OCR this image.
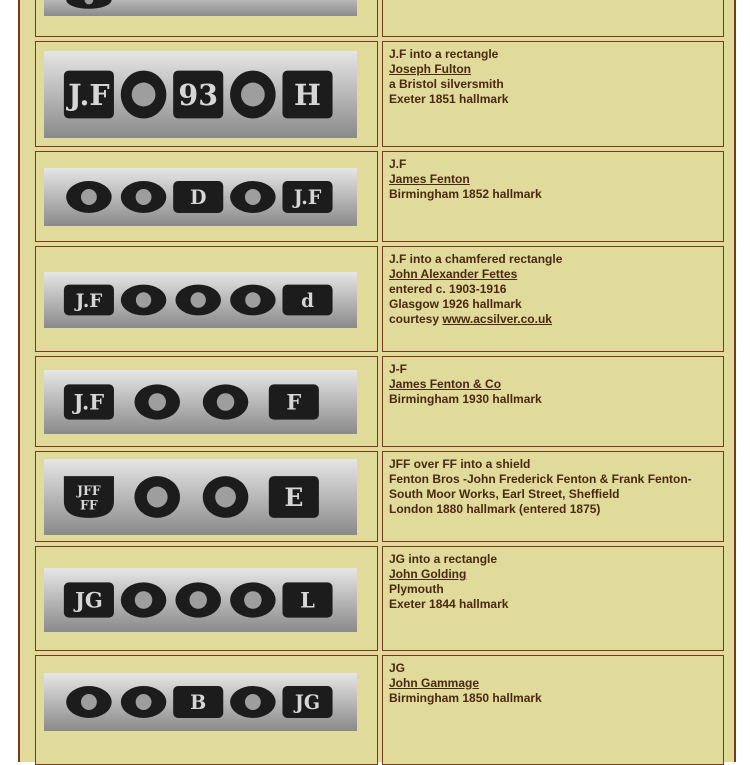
J.F 93	H
J.F into a rectangle
Joseph Fulton
a Bristol silversmith
Exeter 1851 hallmark
D	J.F
J.F
James Fenton
Birmingham 1852 hallmark
J.F	d
J.F into a chamfered rectangle
John Alexander Fettes
entered c. 1903-1916
Glasgow 1926 hallmark
courtesy www.acsilver.co.uk
J.F	F
J-F
James Fenton & Co
Birmingham 1930 hallmark
JFF
FF	E
JFF over FF into a shield
Fenton Bros -John Frederick Fenton & Frank Fenton-
South Moor Works, Earl Street, Sheffield
London 1880 hallmark (entered 1875)
JG	L
JG into a rectangle
John Golding
Plymouth
Exeter 1844 hallmark
B	JG
JG
John Gammage
Birmingham 1850 hallmark
